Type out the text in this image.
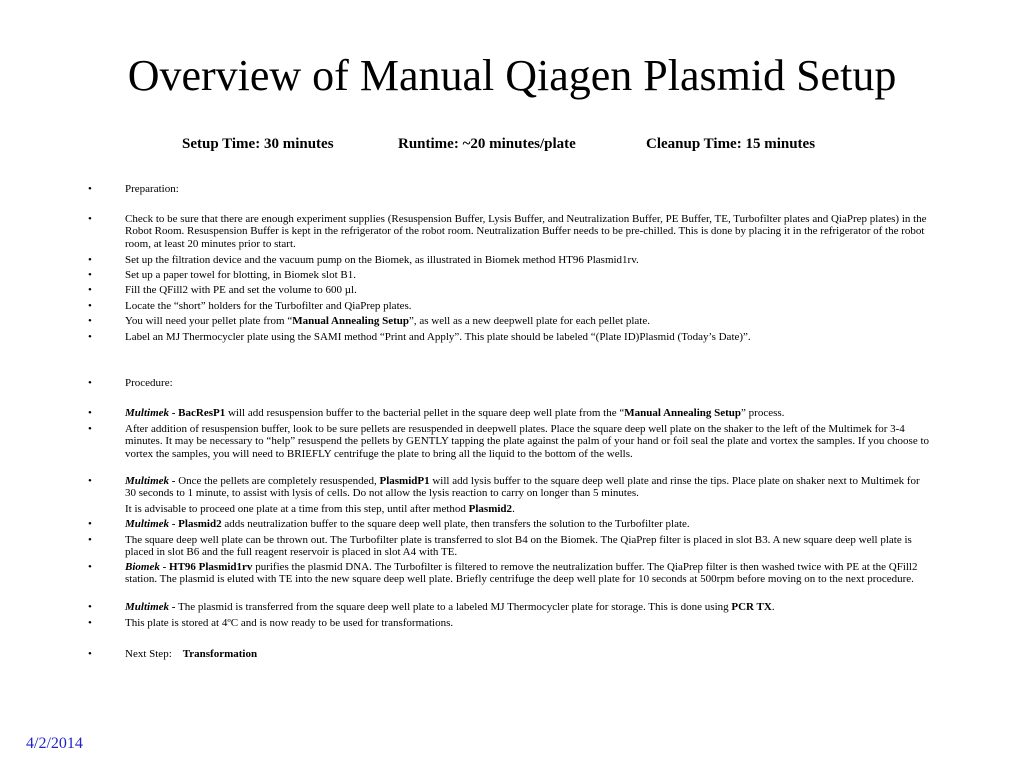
Overview of Manual Qiagen Plasmid Setup
Setup Time: 30 minutes	Runtime: ~20 minutes/plate	Cleanup Time: 15 minutes
•	Preparation:
•	Check to be sure that there are enough experiment supplies (Resuspension Buffer, Lysis Buffer, and Neutralization Buffer, PE Buffer, TE, Turbofilter plates and QiaPrep plates) in the Robot Room. Resuspension Buffer is kept in the refrigerator of the robot room. Neutralization Buffer needs to be pre-chilled. This is done by placing it in the refrigerator of the robot room, at least 20 minutes prior to start.
•	Set up the filtration device and the vacuum pump on the Biomek, as illustrated in Biomek method HT96 Plasmid1rv.
•	Set up a paper towel for blotting, in Biomek slot B1.
•	Fill the QFill2 with PE and set the volume to 600 µl.
•	Locate the “short” holders for the Turbofilter and QiaPrep plates.
•	You will need your pellet plate from “Manual Annealing Setup”, as well as a new deepwell plate for each pellet plate.
•	Label an MJ Thermocycler plate using the SAMI method “Print and Apply”. This plate should be labeled “(Plate ID)Plasmid (Today’s Date)”.
•	Procedure:
•	Multimek - BacResP1 will add resuspension buffer to the bacterial pellet in the square deep well plate from the “Manual Annealing Setup” process.
•	After addition of resuspension buffer, look to be sure pellets are resuspended in deepwell plates. Place the square deep well plate on the shaker to the left of the Multimek for 3-4 minutes. It may be necessary to “help” resuspend the pellets by GENTLY tapping the plate against the palm of your hand or foil seal the plate and vortex the samples. If you choose to vortex the samples, you will need to BRIEFLY centrifuge the plate to bring all the liquid to the bottom of the wells.
•	Multimek - Once the pellets are completely resuspended, PlasmidP1 will add lysis buffer to the square deep well plate and rinse the tips. Place plate on shaker next to Multimek for 30 seconds to 1 minute, to assist with lysis of cells. Do not allow the lysis reaction to carry on longer than 5 minutes.
It is advisable to proceed one plate at a time from this step, until after method Plasmid2.
•	Multimek - Plasmid2 adds neutralization buffer to the square deep well plate, then transfers the solution to the Turbofilter plate.
•	The square deep well plate can be thrown out. The Turbofilter plate is transferred to slot B4 on the Biomek. The QiaPrep filter is placed in slot B3. A new square deep well plate is placed in slot B6 and the full reagent reservoir is placed in slot A4 with TE.
•	Biomek - HT96 Plasmid1rv purifies the plasmid DNA. The Turbofilter is filtered to remove the neutralization buffer. The QiaPrep filter is then washed twice with PE at the QFill2 station. The plasmid is eluted with TE into the new square deep well plate. Briefly centrifuge the deep well plate for 10 seconds at 500rpm before moving on to the next procedure.
•	Multimek - The plasmid is transferred from the square deep well plate to a labeled MJ Thermocycler plate for storage. This is done using PCR TX.
•	This plate is stored at 4ºC and is now ready to be used for transformations.
•	Next Step: Transformation
4/2/2014
